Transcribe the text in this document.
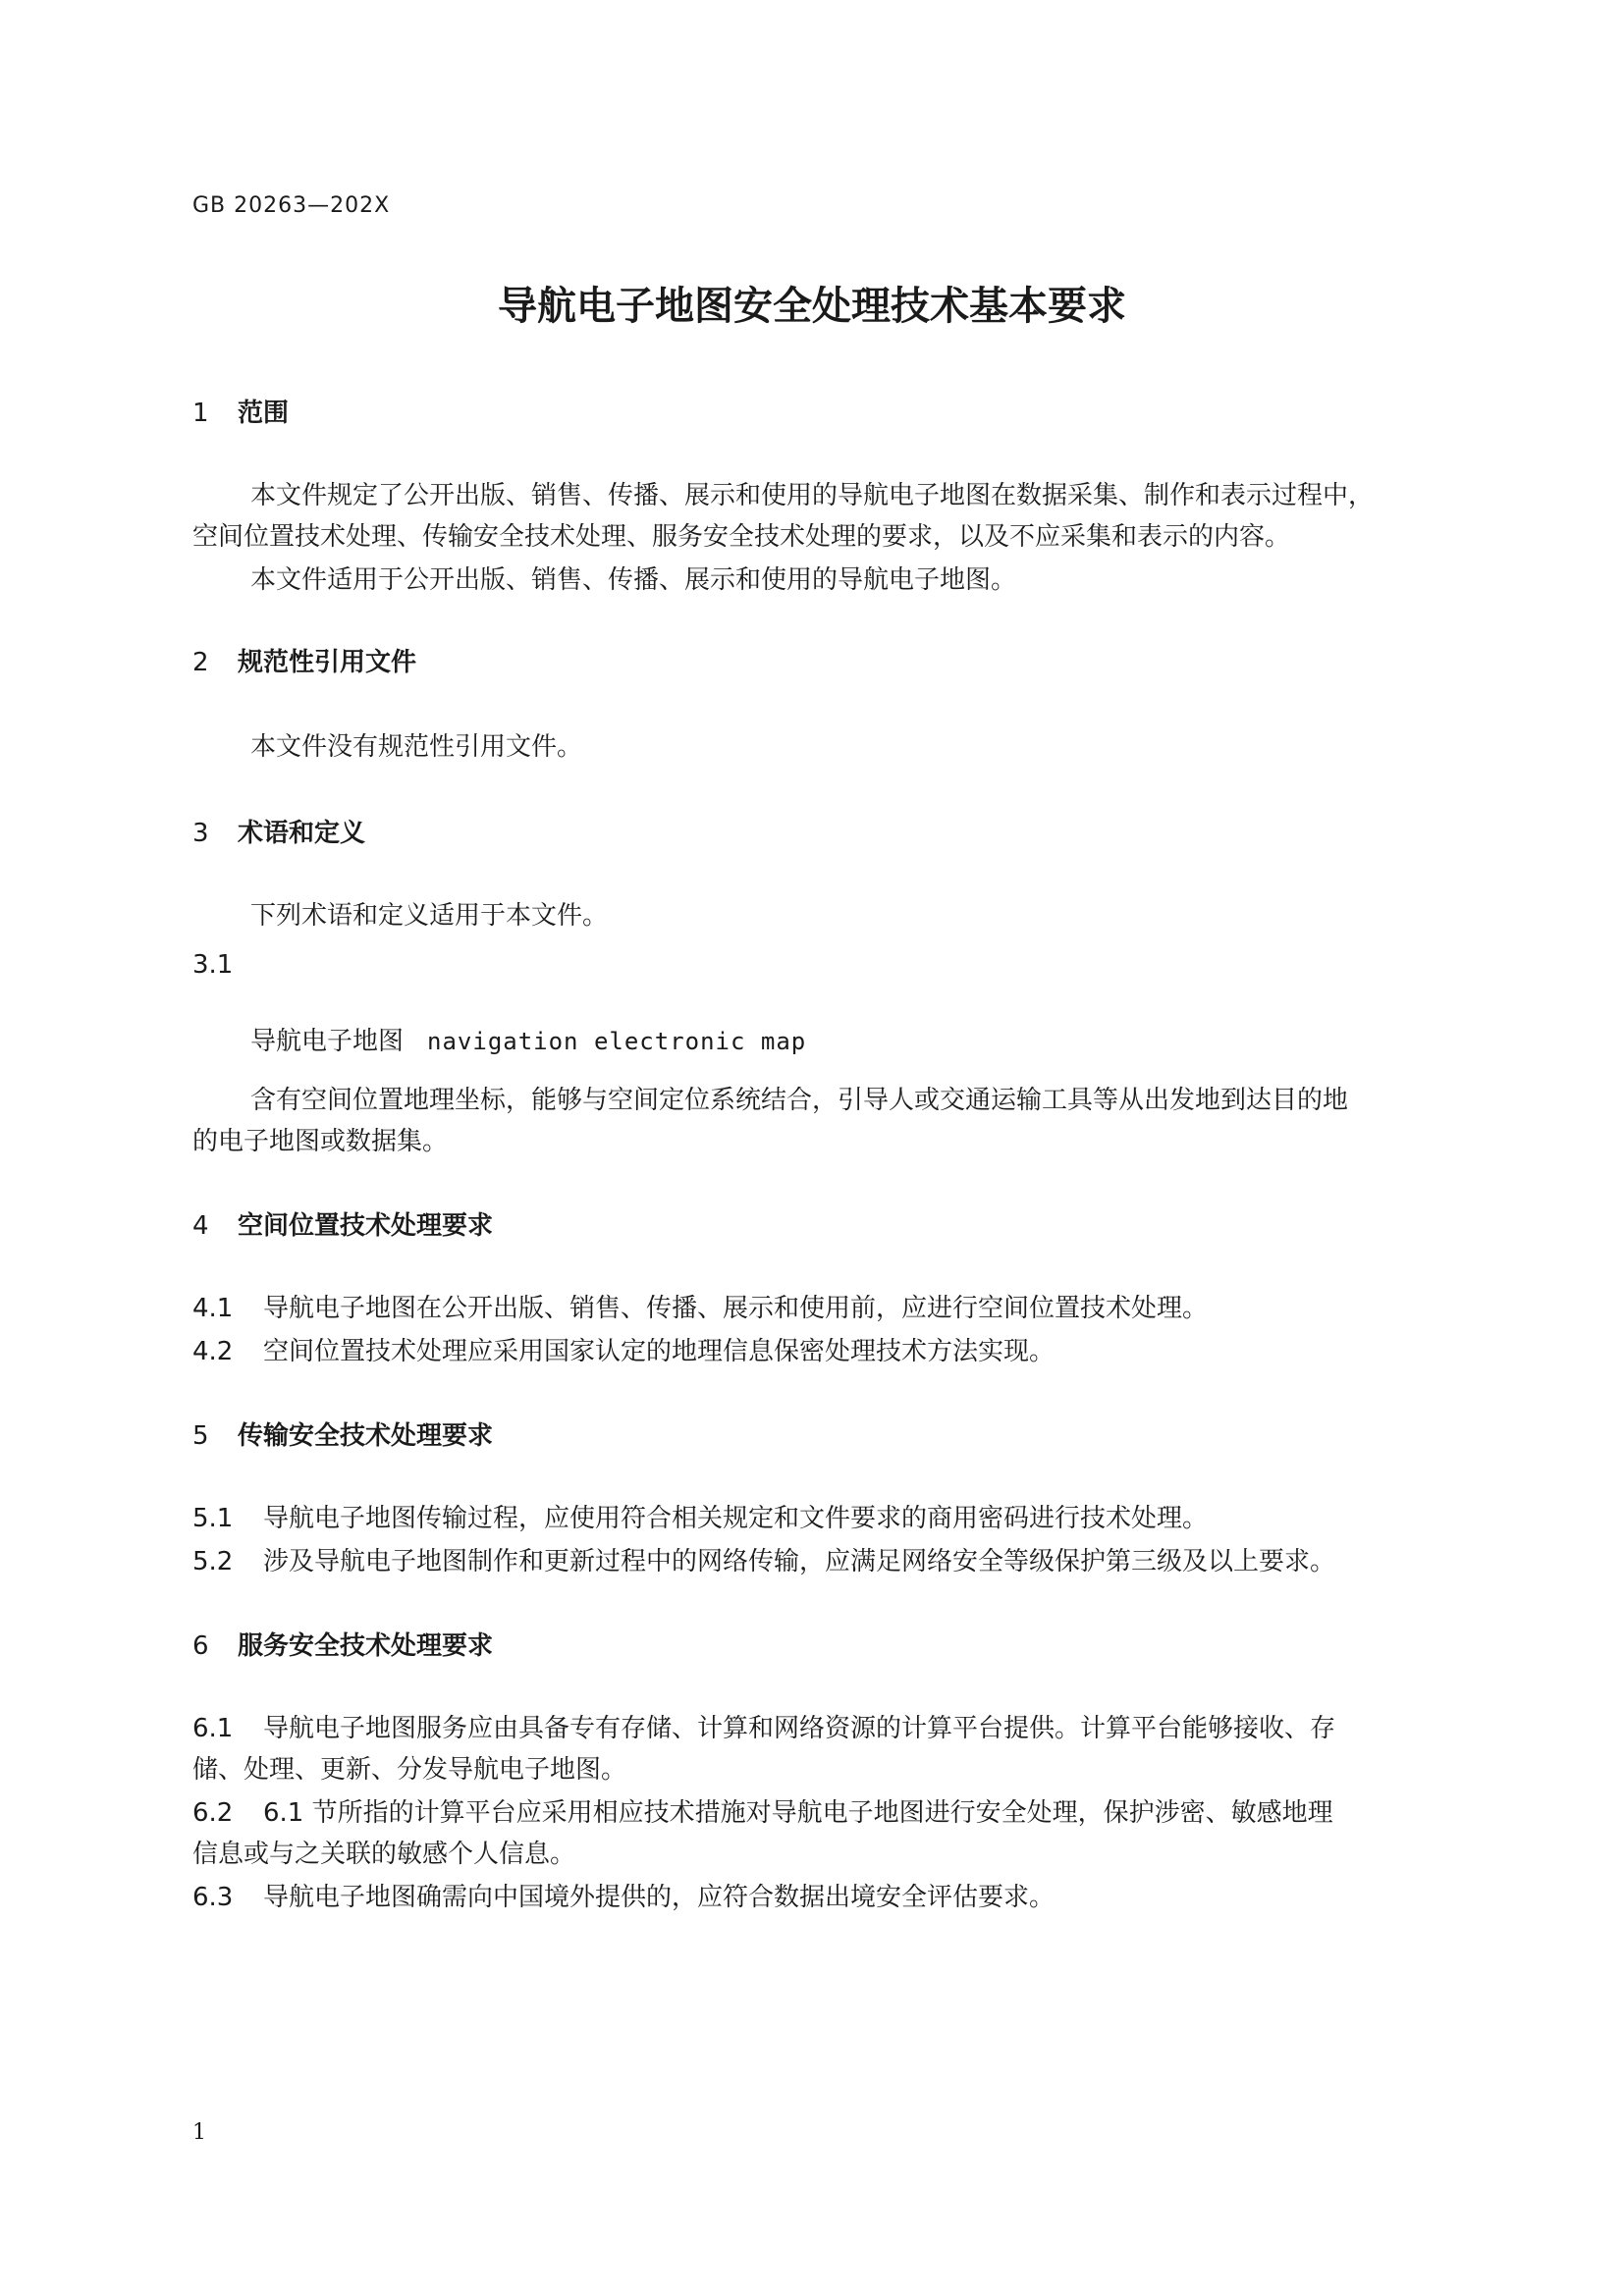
GB 20263—202X
导航电子地图安全处理技术基本要求
1 范围
本文件规定了公开出版、销售、传播、展示和使用的导航电子地图在数据采集、制作和表示过程中，
空间位置技术处理、传输安全技术处理、服务安全技术处理的要求，以及不应采集和表示的内容。
本文件适用于公开出版、销售、传播、展示和使用的导航电子地图。
2 规范性引用文件
本文件没有规范性引用文件。
3 术语和定义
下列术语和定义适用于本文件。
3.1
导航电子地图 navigation electronic map
含有空间位置地理坐标，能够与空间定位系统结合，引导人或交通运输工具等从出发地到达目的地
的电子地图或数据集。
4 空间位置技术处理要求
4.1 导航电子地图在公开出版、销售、传播、展示和使用前，应进行空间位置技术处理。
4.2 空间位置技术处理应采用国家认定的地理信息保密处理技术方法实现。
5 传输安全技术处理要求
5.1 导航电子地图传输过程，应使用符合相关规定和文件要求的商用密码进行技术处理。
5.2 涉及导航电子地图制作和更新过程中的网络传输，应满足网络安全等级保护第三级及以上要求。
6 服务安全技术处理要求
6.1 导航电子地图服务应由具备专有存储、计算和网络资源的计算平台提供。计算平台能够接收、存
储、处理、更新、分发导航电子地图。
6.2 6.1 节所指的计算平台应采用相应技术措施对导航电子地图进行安全处理，保护涉密、敏感地理
信息或与之关联的敏感个人信息。
6.3 导航电子地图确需向中国境外提供的，应符合数据出境安全评估要求。
1
